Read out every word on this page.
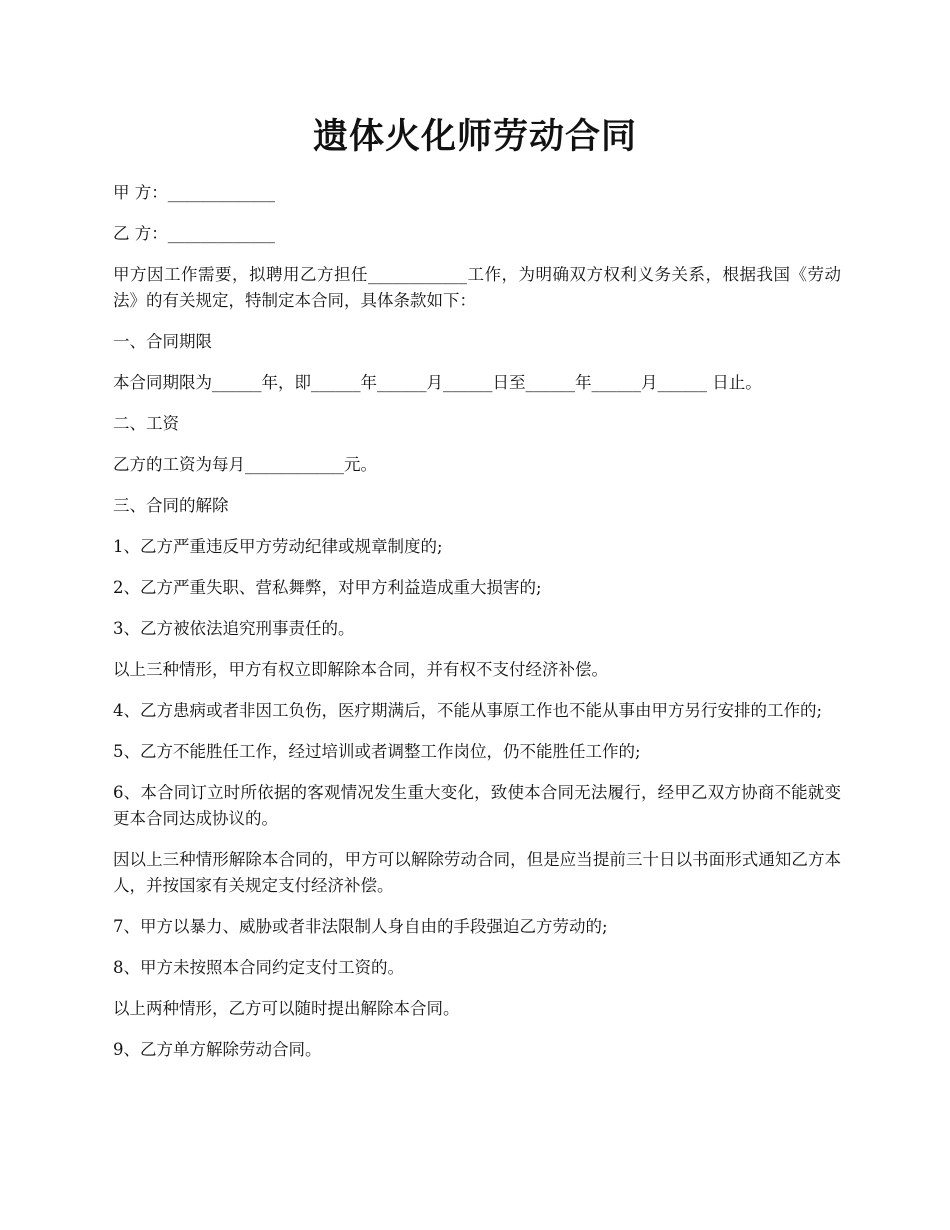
遗体火化师劳动合同

甲 方：_____________

乙 方：_____________

甲方因工作需要，拟聘用乙方担任____________工作，为明确双方权利义务关系，根据我国《劳动法》的有关规定，特制定本合同，具体条款如下：

一、合同期限

本合同期限为______年，即______年______月______日至______年______月______ 日止。

二、工资

乙方的工资为每月____________元。

三、合同的解除

1、乙方严重违反甲方劳动纪律或规章制度的;

2、乙方严重失职、营私舞弊，对甲方利益造成重大损害的;

3、乙方被依法追究刑事责任的。

以上三种情形，甲方有权立即解除本合同，并有权不支付经济补偿。

4、乙方患病或者非因工负伤，医疗期满后，不能从事原工作也不能从事由甲方另行安排的工作的;

5、乙方不能胜任工作，经过培训或者调整工作岗位，仍不能胜任工作的;

6、本合同订立时所依据的客观情况发生重大变化，致使本合同无法履行，经甲乙双方协商不能就变更本合同达成协议的。

因以上三种情形解除本合同的，甲方可以解除劳动合同，但是应当提前三十日以书面形式通知乙方本人，并按国家有关规定支付经济补偿。

7、甲方以暴力、威胁或者非法限制人身自由的手段强迫乙方劳动的;

8、甲方未按照本合同约定支付工资的。

以上两种情形，乙方可以随时提出解除本合同。

9、乙方单方解除劳动合同。
